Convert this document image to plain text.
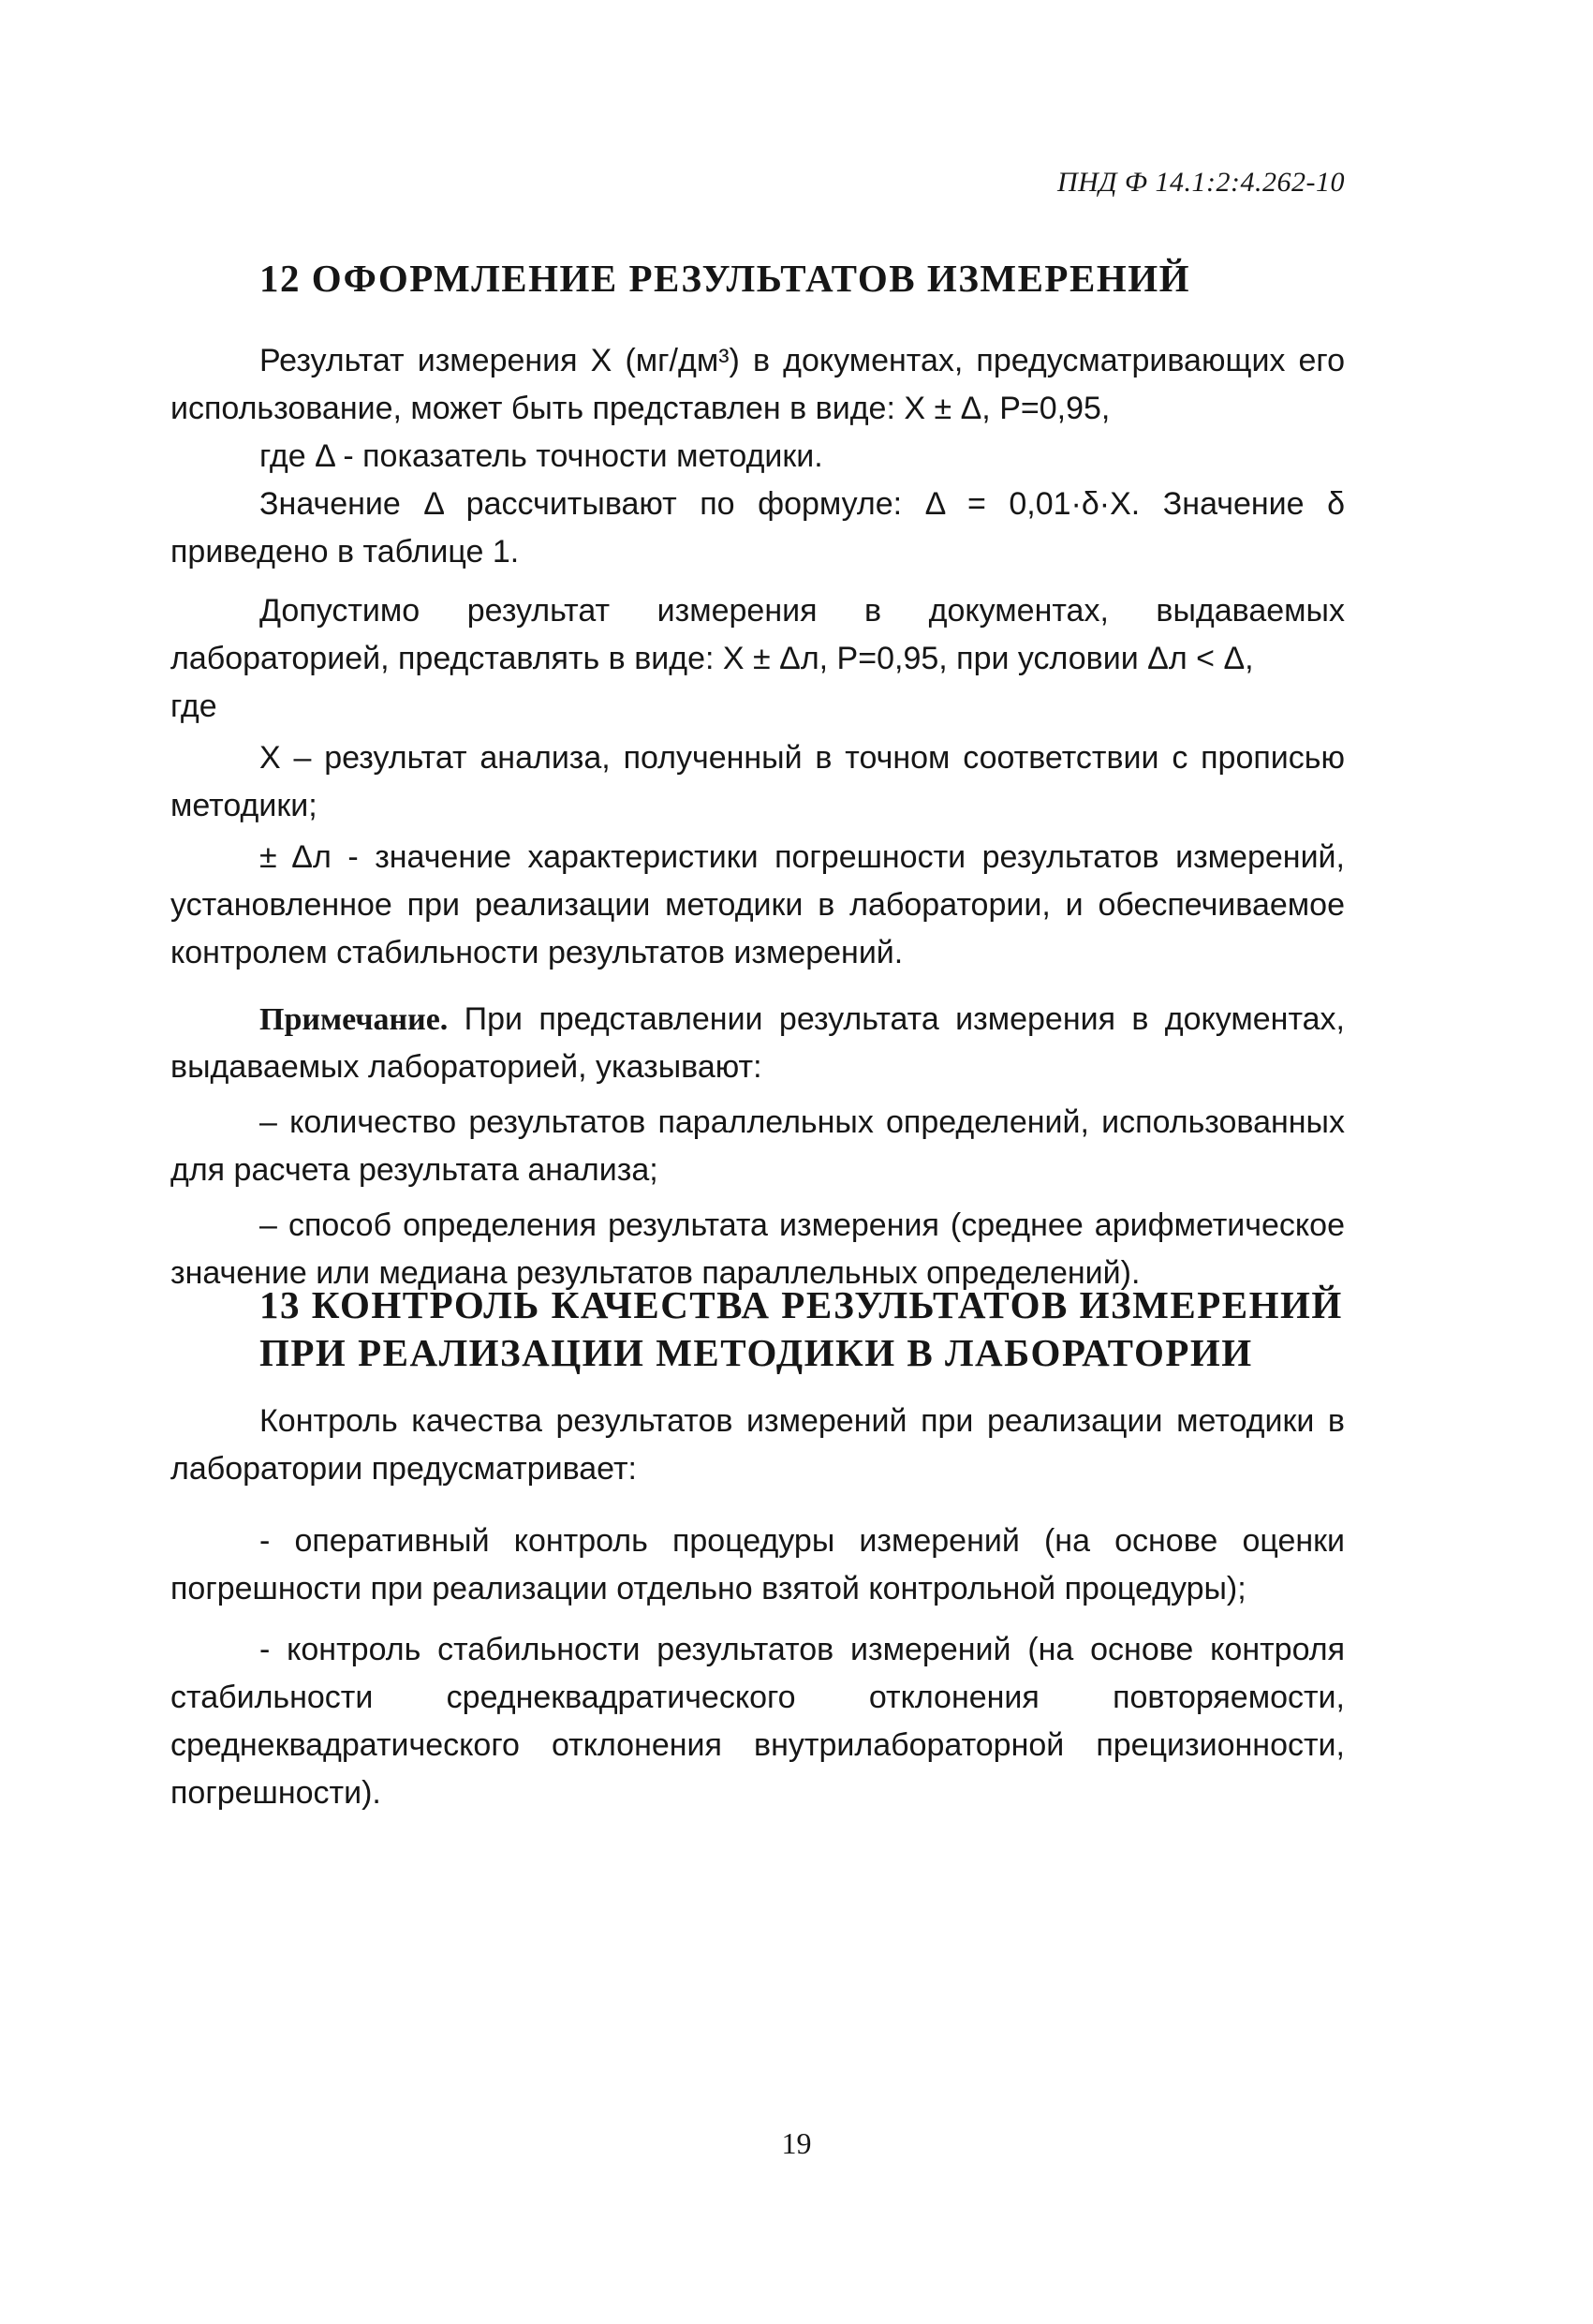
ПНД Ф 14.1:2:4.262-10
12 ОФОРМЛЕНИЕ РЕЗУЛЬТАТОВ ИЗМЕРЕНИЙ

Результат измерения X (мг/дм³) в документах, предусматривающих его использование, может быть представлен в виде: X ± Δ, Р=0,95,

где Δ - показатель точности методики.

Значение Δ рассчитывают по формуле: Δ = 0,01·δ·X. Значение δ приведено в таблице 1.

Допустимо результат измерения в документах, выдаваемых лабораторией, представлять в виде: X ± Δл, Р=0,95, при условии Δл < Δ,

где

X – результат анализа, полученный в точном соответствии с прописью методики;

± Δл - значение характеристики погрешности результатов измерений, установленное при реализации методики в лаборатории, и обеспечиваемое контролем стабильности результатов измерений.

Примечание. При представлении результата измерения в документах, выдаваемых лабораторией, указывают:

– количество результатов параллельных определений, использованных для расчета результата анализа;

– способ определения результата измерения (среднее арифметическое значение или медиана результатов параллельных определений).

13 КОНТРОЛЬ КАЧЕСТВА РЕЗУЛЬТАТОВ ИЗМЕРЕНИЙ
ПРИ РЕАЛИЗАЦИИ МЕТОДИКИ В ЛАБОРАТОРИИ

Контроль качества результатов измерений при реализации методики в лаборатории предусматривает:

- оперативный контроль процедуры измерений (на основе оценки погрешности при реализации отдельно взятой контрольной процедуры);

- контроль стабильности результатов измерений (на основе контроля стабильности среднеквадратического отклонения повторяемости, среднеквадратического отклонения внутрилабораторной прецизионности, погрешности).

19
